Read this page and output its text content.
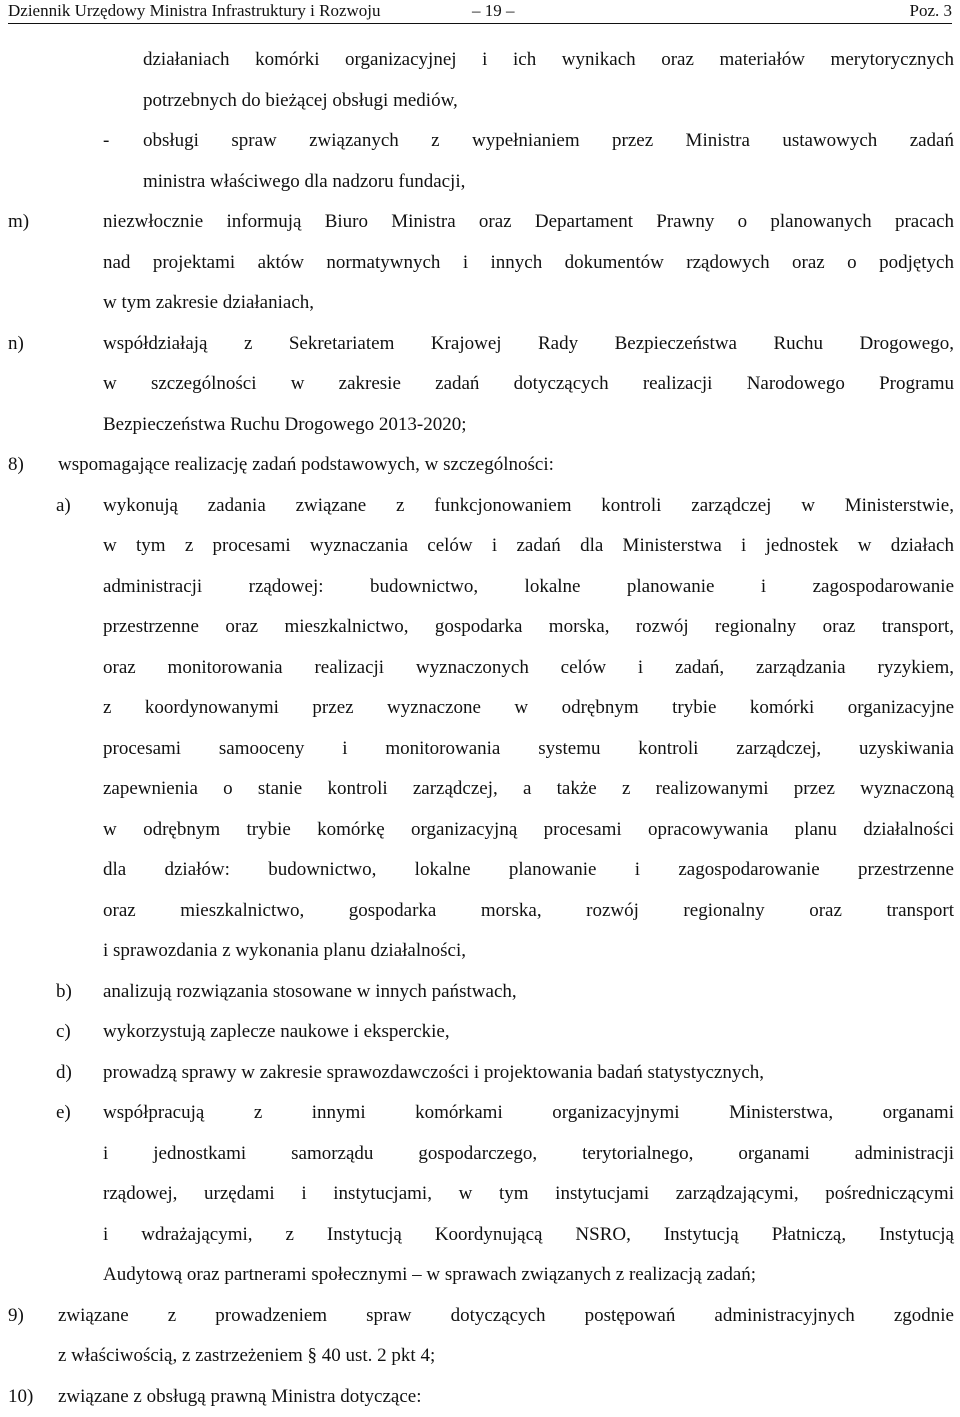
Dziennik Urzędowy Ministra Infrastruktury i Rozwoju	– 19 –	Poz. 3
działaniach komórki organizacyjnej i ich wynikach oraz materiałów merytorycznych
potrzebnych do bieżącej obsługi mediów,
- obsługi spraw związanych z wypełnianiem przez Ministra ustawowych zadań
ministra właściwego dla nadzoru fundacji,
m)	niezwłocznie informują Biuro Ministra oraz Departament Prawny o planowanych pracach
nad projektami aktów normatywnych i innych dokumentów rządowych oraz o podjętych
w tym zakresie działaniach,
n)	współdziałają z Sekretariatem Krajowej Rady Bezpieczeństwa Ruchu Drogowego,
w szczególności w zakresie zadań dotyczących realizacji Narodowego Programu
Bezpieczeństwa Ruchu Drogowego 2013-2020;
8) wspomagające realizację zadań podstawowych, w szczególności:
a) wykonują zadania związane z funkcjonowaniem kontroli zarządczej w Ministerstwie,
w tym z procesami wyznaczania celów i zadań dla Ministerstwa i jednostek w działach
administracji rządowej: budownictwo, lokalne planowanie i zagospodarowanie
przestrzenne oraz mieszkalnictwo, gospodarka morska, rozwój regionalny oraz transport,
oraz monitorowania realizacji wyznaczonych celów i zadań, zarządzania ryzykiem,
z koordynowanymi przez wyznaczone w odrębnym trybie komórki organizacyjne
procesami samooceny i monitorowania systemu kontroli zarządczej, uzyskiwania
zapewnienia o stanie kontroli zarządczej, a także z realizowanymi przez wyznaczoną
w odrębnym trybie komórkę organizacyjną procesami opracowywania planu działalności
dla działów: budownictwo, lokalne planowanie i zagospodarowanie przestrzenne
oraz mieszkalnictwo, gospodarka morska, rozwój regionalny oraz transport
i sprawozdania z wykonania planu działalności,
b) analizują rozwiązania stosowane w innych państwach,
c) wykorzystują zaplecze naukowe i eksperckie,
d) prowadzą sprawy w zakresie sprawozdawczości i projektowania badań statystycznych,
e) współpracują z innymi komórkami organizacyjnymi Ministerstwa, organami
i jednostkami samorządu gospodarczego, terytorialnego, organami administracji
rządowej, urzędami i instytucjami, w tym instytucjami zarządzającymi, pośredniczącymi
i wdrażającymi, z Instytucją Koordynującą NSRO, Instytucją Płatniczą, Instytucją
Audytową oraz partnerami społecznymi – w sprawach związanych z realizacją zadań;
9) związane z prowadzeniem spraw dotyczących postępowań administracyjnych zgodnie
z właściwością, z zastrzeżeniem § 40 ust. 2 pkt 4;
10) związane z obsługą prawną Ministra dotyczące:
